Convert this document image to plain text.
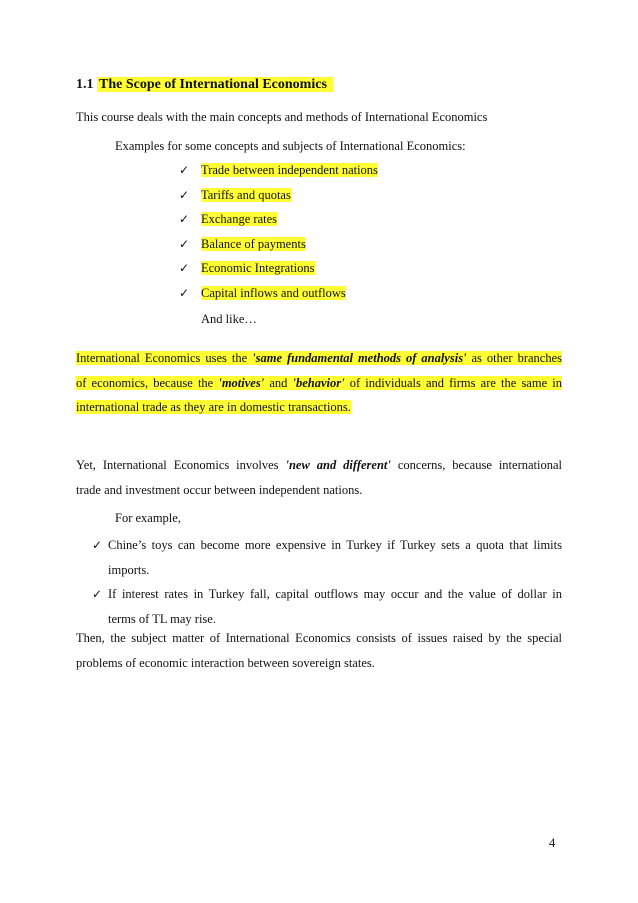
1.1 The Scope of International Economics
This course deals with the main concepts and methods of International Economics
Examples for some concepts and subjects of International Economics:
✓ Trade between independent nations
✓ Tariffs and quotas
✓ Exchange rates
✓ Balance of payments
✓ Economic Integrations
✓ Capital inflows and outflows
And like…
International Economics uses the 'same fundamental methods of analysis' as other branches
of economics, because the 'motives' and 'behavior' of individuals and firms are the same in
international trade as they are in domestic transactions.
Yet, International Economics involves 'new and different' concerns, because international
trade and investment occur between independent nations.
For example,
✓ Chine’s toys can become more expensive in Turkey if Turkey sets a quota that limits
imports.
✓ If interest rates in Turkey fall, capital outflows may occur and the value of dollar in
terms of TL may rise.
Then, the subject matter of International Economics consists of issues raised by the special
problems of economic interaction between sovereign states.
4
